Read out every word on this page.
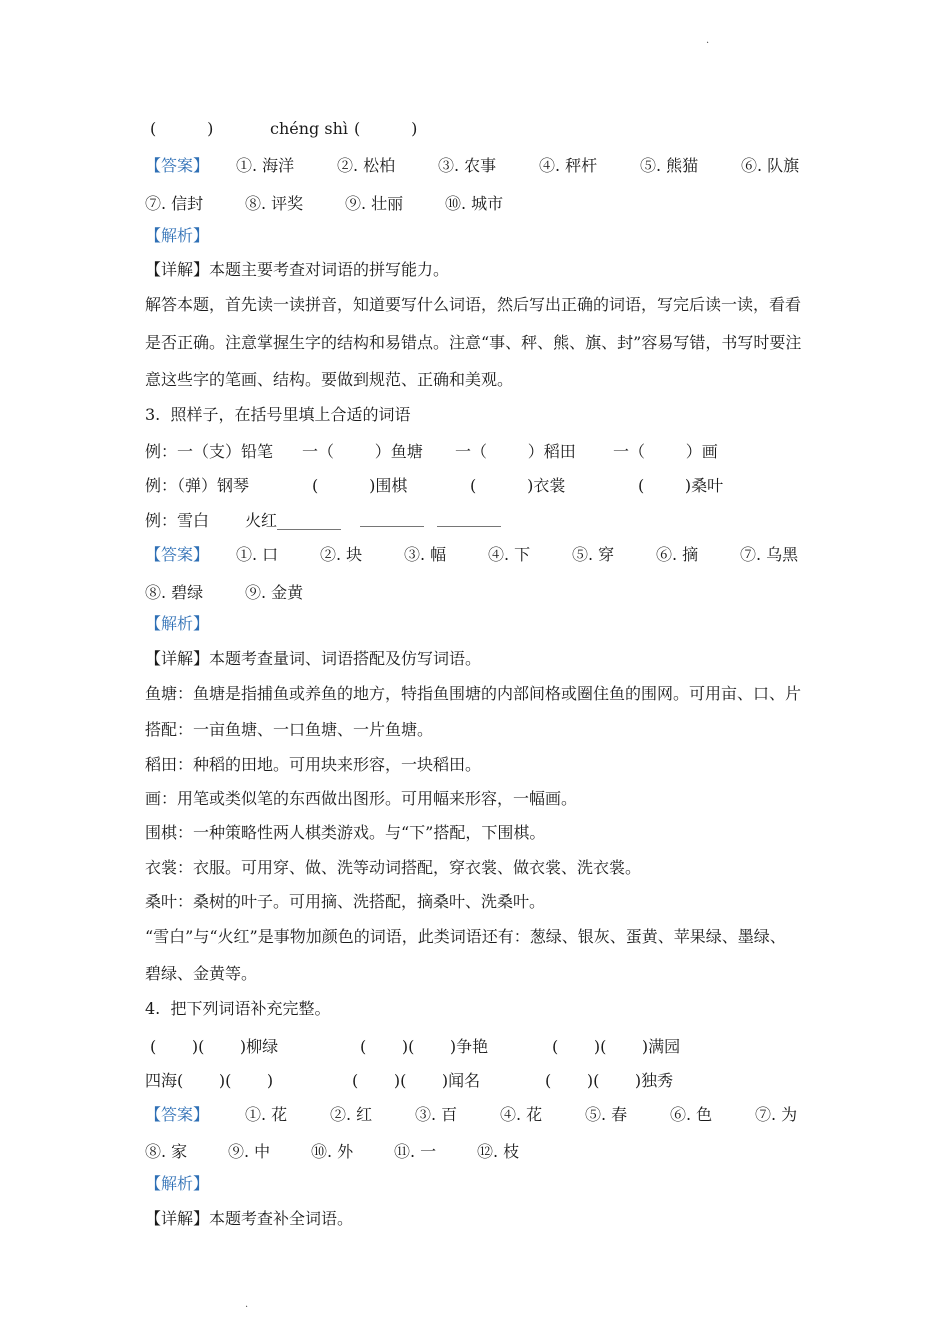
·
(          )	chéng shì (          )
【答案】 ①. 海洋	②. 松柏	③. 农事	④. 秤杆	⑤. 熊猫	⑥. 队旗
⑦. 信封	⑧. 评奖	⑨. 壮丽	⑩. 城市
【解析】
【详解】本题主要考查对词语的拼写能力。
解答本题，首先读一读拼音，知道要写什么词语，然后写出正确的词语，写完后读一读，看看
是否正确。注意掌握生字的结构和易错点。注意“事、秤、熊、旗、封”容易写错，书写时要注
意这些字的笔画、结构。要做到规范、正确和美观。
3.  照样子，在括号里填上合适的词语
例：一（支）铅笔 一（        ）鱼塘 一（        ）稻田 一（        ）画
例：（弹）钢琴	(          )围棋	(          )衣裳	(        )桑叶
例：雪白 火红________ ________ ________
【答案】 ①. 口	②. 块	③. 幅	④. 下	⑤. 穿	⑥. 摘	⑦. 乌黑
⑧. 碧绿	⑨. 金黄
【解析】
【详解】本题考查量词、词语搭配及仿写词语。
鱼塘：鱼塘是指捕鱼或养鱼的地方，特指鱼围塘的内部间格或圈住鱼的围网。可用亩、口、片
搭配：一亩鱼塘、一口鱼塘、一片鱼塘。
稻田：种稻的田地。可用块来形容，一块稻田。
画：用笔或类似笔的东西做出图形。可用幅来形容，一幅画。
围棋：一种策略性两人棋类游戏。与“下”搭配，下围棋。
衣裳：衣服。可用穿、做、洗等动词搭配，穿衣裳、做衣裳、洗衣裳。
桑叶：桑树的叶子。可用摘、洗搭配，摘桑叶、洗桑叶。
“雪白”与“火红”是事物加颜色的词语，此类词语还有：葱绿、银灰、蛋黄、苹果绿、墨绿、
碧绿、金黄等。
4.  把下列词语补充完整。
(       )(       )柳绿	(       )(       )争艳	(       )(       )满园
四海(       )(       )	(       )(       )闻名	(       )(       )独秀
【答案】 ①. 花	②. 红	③. 百	④. 花	⑤. 春	⑥. 色	⑦. 为
⑧. 家	⑨. 中	⑩. 外	⑪. 一	⑫. 枝
【解析】
【详解】本题考查补全词语。
·
